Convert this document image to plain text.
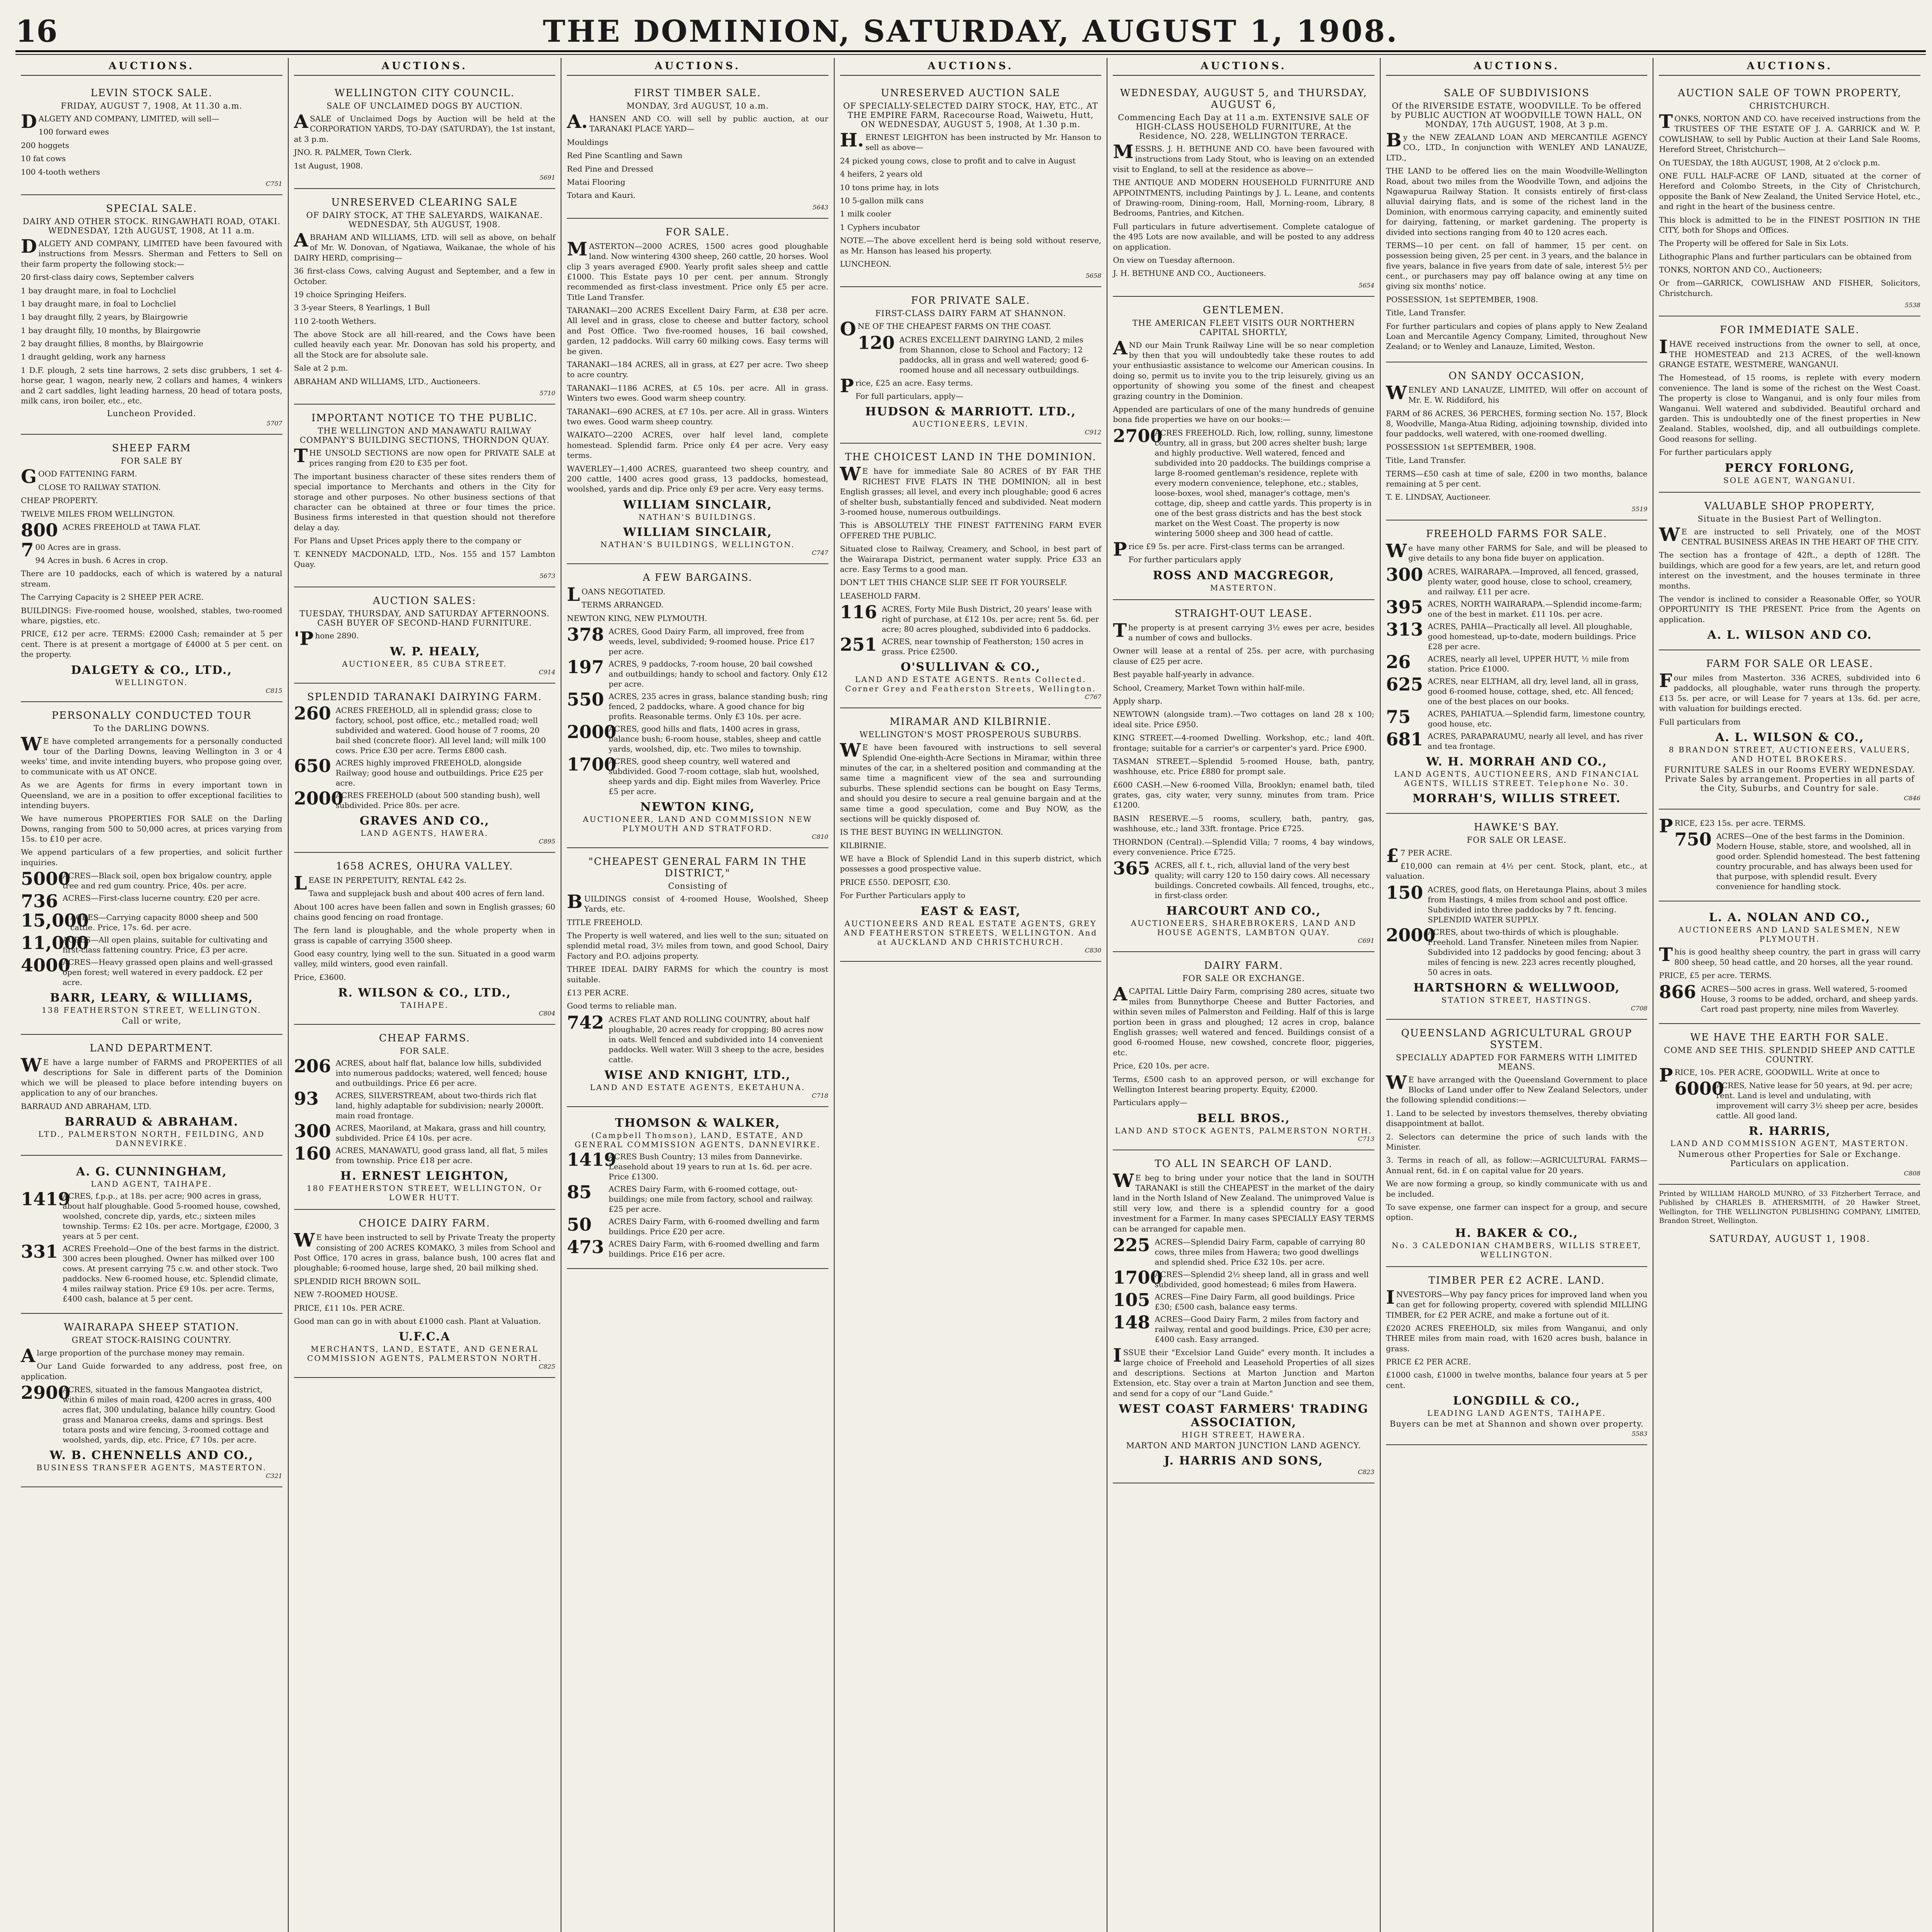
16	THE DOMINION, SATURDAY, AUGUST 1, 1908.
AUCTIONS.
LEVIN STOCK SALE.
FRIDAY, AUGUST 7, 1908, At 11.30 a.m.

DALGETY AND COMPANY, LIMITED, will sell—

100 forward ewes

200 hoggets

10 fat cows

100 4-tooth wethers

C751
SPECIAL SALE.
DAIRY AND OTHER STOCK. RINGAWHATI ROAD, OTAKI. WEDNESDAY, 12th AUGUST, 1908, At 11 a.m.

DALGETY AND COMPANY, LIMITED have been favoured with instructions from Messrs. Sherman and Fetters to Sell on their farm property the following stock:—

20 first-class dairy cows, September calvers

1 bay draught mare, in foal to Lochcliel

1 bay draught mare, in foal to Lochcliel

1 bay draught filly, 2 years, by Blairgowrie

1 bay draught filly, 10 months, by Blairgowrie

2 bay draught fillies, 8 months, by Blairgowrie

1 draught gelding, work any harness

1 D.F. plough, 2 sets tine harrows, 2 sets disc grubbers, 1 set 4-horse gear, 1 wagon, nearly new, 2 collars and hames, 4 winkers and 2 cart saddles, light leading harness, 20 head of totara posts, milk cans, iron boiler, etc., etc.

Luncheon Provided.
5707
SHEEP FARM
FOR SALE BY

GOOD FATTENING FARM.

CLOSE TO RAILWAY STATION.

CHEAP PROPERTY.

TWELVE MILES FROM WELLINGTON.

800 ACRES FREEHOLD at TAWA FLAT.

700 Acres are in grass.

94 Acres in bush. 6 Acres in crop.

There are 10 paddocks, each of which is watered by a natural stream.

The Carrying Capacity is 2 SHEEP PER ACRE.

BUILDINGS: Five-roomed house, woolshed, stables, two-roomed whare, pigsties, etc.

PRICE, £12 per acre. TERMS: £2000 Cash; remainder at 5 per cent. There is at present a mortgage of £4000 at 5 per cent. on the property.

DALGETY & CO., LTD.,
WELLINGTON.
C815
PERSONALLY CONDUCTED TOUR
To the DARLING DOWNS.

WE have completed arrangements for a personally conducted tour of the Darling Downs, leaving Wellington in 3 or 4 weeks' time, and invite intending buyers, who propose going over, to communicate with us AT ONCE.

As we are Agents for firms in every important town in Queensland, we are in a position to offer exceptional facilities to intending buyers.

We have numerous PROPERTIES FOR SALE on the Darling Downs, ranging from 500 to 50,000 acres, at prices varying from 15s. to £10 per acre.

We append particulars of a few properties, and solicit further inquiries.

5000
ACRES—Black soil, open box brigalow country, apple tree and red gum country. Price, 40s. per acre.
736 ACRES—First-class lucerne country. £20 per acre.
15,000
ACRES—Carrying capacity 8000 sheep and 500 cattle. Price, 17s. 6d. per acre.
11,000
ACRES—All open plains, suitable for cultivating and first-class fattening country. Price, £3 per acre.
4000
ACRES—Heavy grassed open plains and well-grassed open forest; well watered in every paddock. £2 per acre.
BARR, LEARY, & WILLIAMS,
138 FEATHERSTON STREET, WELLINGTON.
Call or write,
LAND DEPARTMENT.

WE have a large number of FARMS and PROPERTIES of all descriptions for Sale in different parts of the Dominion which we will be pleased to place before intending buyers on application to any of our branches.

BARRAUD AND ABRAHAM, LTD.

BARRAUD & ABRAHAM.
LTD., PALMERSTON NORTH, FEILDING, AND DANNEVIRKE.
A. G. CUNNINGHAM,
LAND AGENT, TAIHAPE.
1419
ACRES, f.p.p., at 18s. per acre; 900 acres in grass, about half ploughable. Good 5-roomed house, cowshed, woolshed, concrete dip, yards, etc.; sixteen miles township. Terms: £2 10s. per acre. Mortgage, £2000, 3 years at 5 per cent.
331 ACRES Freehold—One of the best farms in the district. 300 acres been ploughed. Owner has milked over 100 cows. At present carrying 75 c.w. and other stock. Two paddocks. New 6-roomed house, etc. Splendid climate, 4 miles railway station. Price £9 10s. per acre. Terms, £400 cash, balance at 5 per cent.
WAIRARAPA SHEEP STATION.
GREAT STOCK-RAISING COUNTRY.

Alarge proportion of the purchase money may remain.

Our Land Guide forwarded to any address, post free, on application.

2900
ACRES, situated in the famous Mangaotea district, within 6 miles of main road, 4200 acres in grass, 400 acres flat, 300 undulating, balance hilly country. Good grass and Manaroa creeks, dams and springs. Best totara posts and wire fencing, 3-roomed cottage and woolshed, yards, dip, etc. Price, £7 10s. per acre.
W. B. CHENNELLS AND CO.,
BUSINESS TRANSFER AGENTS, MASTERTON.
C321
AUCTIONS.
WELLINGTON CITY COUNCIL.
SALE OF UNCLAIMED DOGS BY AUCTION.

ASALE of Unclaimed Dogs by Auction will be held at the CORPORATION YARDS, TO-DAY (SATURDAY), the 1st instant, at 3 p.m.

JNO. R. PALMER, Town Clerk.

1st August, 1908.

5691
UNRESERVED CLEARING SALE
OF DAIRY STOCK, AT THE SALEYARDS, WAIKANAE. WEDNESDAY, 5th AUGUST, 1908.

ABRAHAM AND WILLIAMS, LTD. will sell as above, on behalf of Mr. W. Donovan, of Ngatiawa, Waikanae, the whole of his DAIRY HERD, comprising—

36 first-class Cows, calving August and September, and a few in October.

19 choice Springing Heifers.

3 3-year Steers, 8 Yearlings, 1 Bull

110 2-tooth Wethers.

The above Stock are all hill-reared, and the Cows have been culled heavily each year. Mr. Donovan has sold his property, and all the Stock are for absolute sale.

Sale at 2 p.m.

ABRAHAM AND WILLIAMS, LTD., Auctioneers.

5710
IMPORTANT NOTICE TO THE PUBLIC.
THE WELLINGTON AND MANAWATU RAILWAY COMPANY'S BUILDING SECTIONS, THORNDON QUAY.

THE UNSOLD SECTIONS are now open for PRIVATE SALE at prices ranging from £20 to £35 per foot.

The important business character of these sites renders them of special importance to Merchants and others in the City for storage and other purposes. No other business sections of that character can be obtained at three or four times the price. Business firms interested in that question should not therefore delay a day.

For Plans and Upset Prices apply there to the company or

T. KENNEDY MACDONALD, LTD., Nos. 155 and 157 Lambton Quay.

5673
AUCTION SALES:
TUESDAY, THURSDAY, AND SATURDAY AFTERNOONS. CASH BUYER OF SECOND-HAND FURNITURE.

'Phone 2890.

W. P. HEALY,
AUCTIONEER, 85 CUBA STREET.
C914
SPLENDID TARANAKI DAIRYING FARM.
260 ACRES FREEHOLD, all in splendid grass; close to factory, school, post office, etc.; metalled road; well subdivided and watered. Good house of 7 rooms, 20 bail shed (concrete floor). All level land; will milk 100 cows. Price £30 per acre. Terms £800 cash.
650 ACRES highly improved FREEHOLD, alongside Railway; good house and outbuildings. Price £25 per acre.
2000
ACRES FREEHOLD (about 500 standing bush), well subdivided. Price 80s. per acre.
GRAVES AND CO.,
LAND AGENTS, HAWERA.
C895
1658 ACRES, OHURA VALLEY.

LEASE IN PERPETUITY, RENTAL £42 2s.

Tawa and supplejack bush and about 400 acres of fern land.

About 100 acres have been fallen and sown in English grasses; 60 chains good fencing on road frontage.

The fern land is ploughable, and the whole property when in grass is capable of carrying 3500 sheep.

Good easy country, lying well to the sun. Situated in a good warm valley, mild winters, good even rainfall.

Price, £3600.

R. WILSON & CO., LTD.,
TAIHAPE.
C804
CHEAP FARMS.
FOR SALE.
206 ACRES, about half flat, balance low hills, subdivided into numerous paddocks; watered, well fenced; house and outbuildings. Price £6 per acre.
93	ACRES, SILVERSTREAM, about two-thirds rich flat land, highly adaptable for subdivision; nearly 2000ft. main road frontage.
300 ACRES, Maoriland, at Makara, grass and hill country, subdivided. Price £4 10s. per acre.
160 ACRES, MANAWATU, good grass land, all flat, 5 miles from township. Price £18 per acre.
H. ERNEST LEIGHTON,
180 FEATHERSTON STREET, WELLINGTON, Or LOWER HUTT.
CHOICE DAIRY FARM.

WE have been instructed to sell by Private Treaty the property consisting of 200 ACRES KOMAKO, 3 miles from School and Post Office, 170 acres in grass, balance bush, 100 acres flat and ploughable; 6-roomed house, large shed, 20 bail milking shed.

SPLENDID RICH BROWN SOIL.

NEW 7-ROOMED HOUSE.

PRICE, £11 10s. PER ACRE.

Good man can go in with about £1000 cash. Plant at Valuation.

U.F.C.A
MERCHANTS, LAND, ESTATE, AND GENERAL COMMISSION AGENTS, PALMERSTON NORTH.
C825
AUCTIONS.
FIRST TIMBER SALE.
MONDAY, 3rd AUGUST, 10 a.m.

A.HANSEN AND CO. will sell by public auction, at our TARANAKI PLACE YARD—

Mouldings

Red Pine Scantling and Sawn

Red Pine and Dressed

Matai Flooring

Totara and Kauri.

5643
FOR SALE.

MASTERTON—2000 ACRES, 1500 acres good ploughable land. Now wintering 4300 sheep, 260 cattle, 20 horses. Wool clip 3 years averaged £900. Yearly profit sales sheep and cattle £1000. This Estate pays 10 per cent. per annum. Strongly recommended as first-class investment. Price only £5 per acre. Title Land Transfer.

TARANAKI—200 ACRES Excellent Dairy Farm, at £38 per acre. All level and in grass, close to cheese and butter factory, school and Post Office. Two five-roomed houses, 16 bail cowshed, garden, 12 paddocks. Will carry 60 milking cows. Easy terms will be given.

TARANAKI—184 ACRES, all in grass, at £27 per acre. Two sheep to acre country.

TARANAKI—1186 ACRES, at £5 10s. per acre. All in grass. Winters two ewes. Good warm sheep country.

TARANAKI—690 ACRES, at £7 10s. per acre. All in grass. Winters two ewes. Good warm sheep country.

WAIKATO—2200 ACRES, over half level land, complete homestead. Splendid farm. Price only £4 per acre. Very easy terms.

WAVERLEY—1,400 ACRES, guaranteed two sheep country, and 200 cattle, 1400 acres good grass, 13 paddocks, homestead, woolshed, yards and dip. Price only £9 per acre. Very easy terms.

WILLIAM SINCLAIR,
NATHAN'S BUILDINGS.
WILLIAM SINCLAIR,
NATHAN'S BUILDINGS, WELLINGTON.
C747
A FEW BARGAINS.

LOANS NEGOTIATED.

TERMS ARRANGED.

NEWTON KING, NEW PLYMOUTH.

378 ACRES, Good Dairy Farm, all improved, free from weeds, level, subdivided; 9-roomed house. Price £17 per acre.
197 ACRES, 9 paddocks, 7-room house, 20 bail cowshed and outbuildings; handy to school and factory. Only £12 per acre.
550 ACRES, 235 acres in grass, balance standing bush; ring fenced, 2 paddocks, whare. A good chance for big profits. Reasonable terms. Only £3 10s. per acre.
2000
ACRES, good hills and flats, 1400 acres in grass, balance bush; 6-room house, stables, sheep and cattle yards, woolshed, dip, etc. Two miles to township.
1700
ACRES, good sheep country, well watered and subdivided. Good 7-room cottage, slab hut, woolshed, sheep yards and dip. Eight miles from Waverley. Price £5 per acre.
NEWTON KING,
AUCTIONEER, LAND AND COMMISSION NEW PLYMOUTH AND STRATFORD.
C810
"CHEAPEST GENERAL FARM IN THE DISTRICT,"
Consisting of

BUILDINGS consist of 4-roomed House, Woolshed, Sheep Yards, etc.

TITLE FREEHOLD.

The Property is well watered, and lies well to the sun; situated on splendid metal road, 3½ miles from town, and good School, Dairy Factory and P.O. adjoins property.

THREE IDEAL DAIRY FARMS for which the country is most suitable.

£13 PER ACRE.

Good terms to reliable man.

742 ACRES FLAT AND ROLLING COUNTRY, about half ploughable, 20 acres ready for cropping; 80 acres now in oats. Well fenced and subdivided into 14 convenient paddocks. Well water. Will 3 sheep to the acre, besides cattle.
WISE AND KNIGHT, LTD.,
LAND AND ESTATE AGENTS, EKETAHUNA.
C718
THOMSON & WALKER,
(Campbell Thomson), LAND, ESTATE, AND GENERAL COMMISSION AGENTS, DANNEVIRKE.
1419
ACRES Bush Country; 13 miles from Dannevirke. Leasehold about 19 years to run at 1s. 6d. per acre. Price £1300.
85	ACRES Dairy Farm, with 6-roomed cottage, out-buildings; one mile from factory, school and railway. £25 per acre.
50	ACRES Dairy Farm, with 6-roomed dwelling and farm buildings. Price £20 per acre.
473 ACRES Dairy Farm, with 6-roomed dwelling and farm buildings. Price £16 per acre.
AUCTIONS.
UNRESERVED AUCTION SALE
OF SPECIALLY-SELECTED DAIRY STOCK, HAY, ETC., AT THE EMPIRE FARM, Racecourse Road, Waiwetu, Hutt, ON WEDNESDAY, AUGUST 5, 1908, At 1.30 p.m.

H.ERNEST LEIGHTON has been instructed by Mr. Hanson to sell as above—

24 picked young cows, close to profit and to calve in August

4 heifers, 2 years old

10 tons prime hay, in lots

10 5-gallon milk cans

1 milk cooler

1 Cyphers incubator

NOTE.—The above excellent herd is being sold without reserve, as Mr. Hanson has leased his property.

LUNCHEON.

5658
FOR PRIVATE SALE.
FIRST-CLASS DAIRY FARM AT SHANNON.

ONE OF THE CHEAPEST FARMS ON THE COAST.

120 ACRES EXCELLENT DAIRYING LAND, 2 miles from Shannon, close to School and Factory; 12 paddocks, all in grass and well watered; good 6-roomed house and all necessary outbuildings.

Price, £25 an acre. Easy terms.

For full particulars, apply—

HUDSON & MARRIOTT. LTD.,
AUCTIONEERS, LEVIN.
C912
THE CHOICEST LAND IN THE DOMINION.

WE have for immediate Sale 80 ACRES of BY FAR THE RICHEST FIVE FLATS IN THE DOMINION; all in best English grasses; all level, and every inch ploughable; good 6 acres of shelter bush, substantially fenced and subdivided. Neat modern 3-roomed house, numerous outbuildings.

This is ABSOLUTELY THE FINEST FATTENING FARM EVER OFFERED THE PUBLIC.

Situated close to Railway, Creamery, and School, in best part of the Wairarapa District, permanent water supply. Price £33 an acre. Easy Terms to a good man.

DON'T LET THIS CHANCE SLIP. SEE IT FOR YOURSELF.

LEASEHOLD FARM.

116 ACRES, Forty Mile Bush District, 20 years' lease with right of purchase, at £12 10s. per acre; rent 5s. 6d. per acre; 80 acres ploughed, subdivided into 6 paddocks.
251 ACRES, near township of Featherston; 150 acres in grass. Price £2500.
O'SULLIVAN & CO.,
LAND AND ESTATE AGENTS. Rents Collected. Corner Grey and Featherston Streets, Wellington.
C767
MIRAMAR AND KILBIRNIE.
WELLINGTON'S MOST PROSPEROUS SUBURBS.

WE have been favoured with instructions to sell several Splendid One-eighth-Acre Sections in Miramar, within three minutes of the car, in a sheltered position and commanding at the same time a magnificent view of the sea and surrounding suburbs. These splendid sections can be bought on Easy Terms, and should you desire to secure a real genuine bargain and at the same time a good speculation, come and Buy NOW, as the sections will be quickly disposed of.

IS THE BEST BUYING IN WELLINGTON.

KILBIRNIE.

WE have a Block of Splendid Land in this superb district, which possesses a good prospective value.

PRICE £550. DEPOSIT, £30.

For Further Particulars apply to

EAST & EAST,
AUCTIONEERS AND REAL ESTATE AGENTS, GREY AND FEATHERSTON STREETS, WELLINGTON. And at AUCKLAND AND CHRISTCHURCH.
C830
AUCTIONS.
WEDNESDAY, AUGUST 5, and THURSDAY, AUGUST 6,
Commencing Each Day at 11 a.m. EXTENSIVE SALE OF HIGH-CLASS HOUSEHOLD FURNITURE, At the Residence, NO. 228, WELLINGTON TERRACE.

MESSRS. J. H. BETHUNE AND CO. have been favoured with instructions from Lady Stout, who is leaving on an extended visit to England, to sell at the residence as above—

THE ANTIQUE AND MODERN HOUSEHOLD FURNITURE AND APPOINTMENTS, including Paintings by J. L. Leane, and contents of Drawing-room, Dining-room, Hall, Morning-room, Library, 8 Bedrooms, Pantries, and Kitchen.

Full particulars in future advertisement. Complete catalogue of the 495 Lots are now available, and will be posted to any address on application.

On view on Tuesday afternoon.

J. H. BETHUNE AND CO., Auctioneers.

5654
GENTLEMEN.
THE AMERICAN FLEET VISITS OUR NORTHERN CAPITAL SHORTLY,

AND our Main Trunk Railway Line will be so near completion by then that you will undoubtedly take these routes to add your enthusiastic assistance to welcome our American cousins. In doing so, permit us to invite you to the trip leisurely, giving us an opportunity of showing you some of the finest and cheapest grazing country in the Dominion.

Appended are particulars of one of the many hundreds of genuine bona fide properties we have on our books:—

2700
ACRES FREEHOLD. Rich, low, rolling, sunny, limestone country, all in grass, but 200 acres shelter bush; large and highly productive. Well watered, fenced and subdivided into 20 paddocks. The buildings comprise a large 8-roomed gentleman's residence, replete with every modern convenience, telephone, etc.; stables, loose-boxes, wool shed, manager's cottage, men's cottage, dip, sheep and cattle yards. This property is in one of the best grass districts and has the best stock market on the West Coast. The property is now wintering 5000 sheep and 300 head of cattle.

Price £9 5s. per acre. First-class terms can be arranged.

For further particulars apply

ROSS AND MACGREGOR,
MASTERTON.
STRAIGHT-OUT LEASE.

The property is at present carrying 3½ ewes per acre, besides a number of cows and bullocks.

Owner will lease at a rental of 25s. per acre, with purchasing clause of £25 per acre.

Best payable half-yearly in advance.

School, Creamery, Market Town within half-mile.

Apply sharp.

NEWTOWN (alongside tram).—Two cottages on land 28 x 100; ideal site. Price £950.

KING STREET.—4-roomed Dwelling. Workshop, etc.; land 40ft. frontage; suitable for a carrier's or carpenter's yard. Price £900.

TASMAN STREET.—Splendid 5-roomed House, bath, pantry, washhouse, etc. Price £880 for prompt sale.

£600 CASH.—New 6-roomed Villa, Brooklyn; enamel bath, tiled grates, gas, city water, very sunny, minutes from tram. Price £1200.

BASIN RESERVE.—5 rooms, scullery, bath, pantry, gas, washhouse, etc.; land 33ft. frontage. Price £725.

THORNDON (Central).—Splendid Villa; 7 rooms, 4 bay windows, every convenience. Price £725.

365 ACRES, all f. t., rich, alluvial land of the very best quality; will carry 120 to 150 dairy cows. All necessary buildings. Concreted cowbails. All fenced, troughs, etc., in first-class order.
HARCOURT AND CO.,
AUCTIONEERS, SHAREBROKERS, LAND AND HOUSE AGENTS, LAMBTON QUAY.
C691
DAIRY FARM.
FOR SALE OR EXCHANGE.

ACAPITAL Little Dairy Farm, comprising 280 acres, situate two miles from Bunnythorpe Cheese and Butter Factories, and within seven miles of Palmerston and Feilding. Half of this is large portion been in grass and ploughed; 12 acres in crop, balance English grasses; well watered and fenced. Buildings consist of a good 6-roomed House, new cowshed, concrete floor, piggeries, etc.

Price, £20 10s. per acre.

Terms, £500 cash to an approved person, or will exchange for Wellington Interest bearing property. Equity, £2000.

Particulars apply—

BELL BROS.,
LAND AND STOCK AGENTS, PALMERSTON NORTH.
C713
TO ALL IN SEARCH OF LAND.

WE beg to bring under your notice that the land in SOUTH TARANAKI is still the CHEAPEST in the market of the dairy land in the North Island of New Zealand. The unimproved Value is still very low, and there is a splendid country for a good investment for a Farmer. In many cases SPECIALLY EASY TERMS can be arranged for capable men.

225 ACRES—Splendid Dairy Farm, capable of carrying 80 cows, three miles from Hawera; two good dwellings and splendid shed. Price £32 10s. per acre.
1700
ACRES—Splendid 2½ sheep land, all in grass and well subdivided, good homestead; 6 miles from Hawera.
105 ACRES—Fine Dairy Farm, all good buildings. Price £30; £500 cash, balance easy terms.
148 ACRES—Good Dairy Farm, 2 miles from factory and railway, rental and good buildings. Price, £30 per acre; £400 cash. Easy arranged.

ISSUE their "Excelsior Land Guide" every month. It includes a large choice of Freehold and Leasehold Properties of all sizes and descriptions. Sections at Marton Junction and Marton Extension, etc. Stay over a train at Marton Junction and see them, and send for a copy of our "Land Guide."

WEST COAST FARMERS' TRADING ASSOCIATION,
HIGH STREET, HAWERA.
MARTON AND MARTON JUNCTION LAND AGENCY.
J. HARRIS AND SONS,
C823
AUCTIONS.
SALE OF SUBDIVISIONS
Of the RIVERSIDE ESTATE, WOODVILLE. To be offered by PUBLIC AUCTION AT WOODVILLE TOWN HALL, ON MONDAY, 17th AUGUST, 1908, At 3 p.m.

By the NEW ZEALAND LOAN AND MERCANTILE AGENCY CO., LTD., In conjunction with WENLEY AND LANAUZE, LTD.,

THE LAND to be offered lies on the main Woodville-Wellington Road, about two miles from the Woodville Town, and adjoins the Ngawapurua Railway Station. It consists entirely of first-class alluvial dairying flats, and is some of the richest land in the Dominion, with enormous carrying capacity, and eminently suited for dairying, fattening, or market gardening. The property is divided into sections ranging from 40 to 120 acres each.

TERMS—10 per cent. on fall of hammer, 15 per cent. on possession being given, 25 per cent. in 3 years, and the balance in five years, balance in five years from date of sale, interest 5½ per cent., or purchasers may pay off balance owing at any time on giving six months' notice.

POSSESSION, 1st SEPTEMBER, 1908.

Title, Land Transfer.

For further particulars and copies of plans apply to New Zealand Loan and Mercantile Agency Company, Limited, throughout New Zealand; or to Wenley and Lanauze, Limited, Weston.

ON SANDY OCCASION,

WENLEY AND LANAUZE, LIMITED, Will offer on account of Mr. E. W. Riddiford, his

FARM of 86 ACRES, 36 PERCHES, forming section No. 157, Block 8, Woodville, Manga-Atua Riding, adjoining township, divided into four paddocks, well watered, with one-roomed dwelling.

POSSESSION 1st SEPTEMBER, 1908.

Title, Land Transfer.

TERMS—£50 cash at time of sale, £200 in two months, balance remaining at 5 per cent.

T. E. LINDSAY, Auctioneer.

5519
FREEHOLD FARMS FOR SALE.

We have many other FARMS for Sale, and will be pleased to give details to any bona fide buyer on application.

300 ACRES, WAIRARAPA.—Improved, all fenced, grassed, plenty water, good house, close to school, creamery, and railway. £11 per acre.
395 ACRES, NORTH WAIRARAPA.—Splendid income-farm; one of the best in market. £11 10s. per acre.
313 ACRES, PAHIA—Practically all level. All ploughable, good homestead, up-to-date, modern buildings. Price £28 per acre.
26	ACRES, nearly all level, UPPER HUTT, ½ mile from station. Price £1000.
625 ACRES, near ELTHAM, all dry, level land, all in grass, good 6-roomed house, cottage, shed, etc. All fenced; one of the best places on our books.
75	ACRES, PAHIATUA.—Splendid farm, limestone country, good house, etc.
681 ACRES, PARAPARAUMU, nearly all level, and has river and tea frontage.
W. H. MORRAH AND CO.,
LAND AGENTS, AUCTIONEERS, AND FINANCIAL AGENTS, WILLIS STREET. Telephone No. 30.
MORRAH'S, WILLIS STREET.
HAWKE'S BAY.
FOR SALE OR LEASE.

£7 PER ACRE.

£10,000 can remain at 4½ per cent. Stock, plant, etc., at valuation.

150 ACRES, good flats, on Heretaunga Plains, about 3 miles from Hastings, 4 miles from school and post office. Subdivided into three paddocks by 7 ft. fencing. SPLENDID WATER SUPPLY.
2000
ACRES, about two-thirds of which is ploughable. Freehold. Land Transfer. Nineteen miles from Napier. Subdivided into 12 paddocks by good fencing; about 3 miles of fencing is new. 223 acres recently ploughed, 50 acres in oats.
HARTSHORN & WELLWOOD,
STATION STREET, HASTINGS.
C708
QUEENSLAND AGRICULTURAL GROUP SYSTEM.
SPECIALLY ADAPTED FOR FARMERS WITH LIMITED MEANS.

WE have arranged with the Queensland Government to place Blocks of Land under offer to New Zealand Selectors, under the following splendid conditions:—

1. Land to be selected by investors themselves, thereby obviating disappointment at ballot.

2. Selectors can determine the price of such lands with the Minister.

3. Terms in reach of all, as follow:—AGRICULTURAL FARMS—Annual rent, 6d. in £ on capital value for 20 years.

We are now forming a group, so kindly communicate with us and be included.

To save expense, one farmer can inspect for a group, and secure option.

H. BAKER & CO.,
No. 3 CALEDONIAN CHAMBERS, WILLIS STREET, WELLINGTON.
TIMBER PER £2 ACRE. LAND.

INVESTORS—Why pay fancy prices for improved land when you can get for following property, covered with splendid MILLING TIMBER, for £2 PER ACRE, and make a fortune out of it.

£2020 ACRES FREEHOLD, six miles from Wanganui, and only THREE miles from main road, with 1620 acres bush, balance in grass.

PRICE £2 PER ACRE.

£1000 cash, £1000 in twelve months, balance four years at 5 per cent.

LONGDILL & CO.,
LEADING LAND AGENTS, TAIHAPE.
Buyers can be met at Shannon and shown over property.
5583
AUCTIONS.
AUCTION SALE OF TOWN PROPERTY,
CHRISTCHURCH.

TONKS, NORTON AND CO. have received instructions from the TRUSTEES OF THE ESTATE OF J. A. GARRICK and W. P. COWLISHAW, to sell by Public Auction at their Land Sale Rooms, Hereford Street, Christchurch—

On TUESDAY, the 18th AUGUST, 1908, At 2 o'clock p.m.

ONE FULL HALF-ACRE OF LAND, situated at the corner of Hereford and Colombo Streets, in the City of Christchurch, opposite the Bank of New Zealand, the United Service Hotel, etc., and right in the heart of the business centre.

This block is admitted to be in the FINEST POSITION IN THE CITY, both for Shops and Offices.

The Property will be offered for Sale in Six Lots.

Lithographic Plans and further particulars can be obtained from

TONKS, NORTON AND CO., Auctioneers;

Or from—GARRICK, COWLISHAW AND FISHER, Solicitors, Christchurch.

5538
FOR IMMEDIATE SALE.

IHAVE received instructions from the owner to sell, at once, THE HOMESTEAD and 213 ACRES, of the well-known GRANGE ESTATE, WESTMERE, WANGANUI.

The Homestead, of 15 rooms, is replete with every modern convenience. The land is some of the richest on the West Coast. The property is close to Wanganui, and is only four miles from Wanganui. Well watered and subdivided. Beautiful orchard and garden. This is undoubtedly one of the finest properties in New Zealand. Stables, woolshed, dip, and all outbuildings complete. Good reasons for selling.

For further particulars apply

PERCY FORLONG,
SOLE AGENT, WANGANUI.
VALUABLE SHOP PROPERTY,
Situate in the Busiest Part of Wellington.

WE are instructed to sell Privately, one of the MOST CENTRAL BUSINESS AREAS IN THE HEART OF THE CITY.

The section has a frontage of 42ft., a depth of 128ft. The buildings, which are good for a few years, are let, and return good interest on the investment, and the houses terminate in three months.

The vendor is inclined to consider a Reasonable Offer, so YOUR OPPORTUNITY IS THE PRESENT. Price from the Agents on application.

A. L. WILSON AND CO.
FARM FOR SALE OR LEASE.

Four miles from Masterton. 336 ACRES, subdivided into 6 paddocks, all ploughable, water runs through the property. £13 5s. per acre, or will Lease for 7 years at 13s. 6d. per acre, with valuation for buildings erected.

Full particulars from

A. L. WILSON & CO.,
8 BRANDON STREET, AUCTIONEERS, VALUERS, AND HOTEL BROKERS.
FURNITURE SALES in our Rooms EVERY WEDNESDAY. Private Sales by arrangement. Properties in all parts of the City, Suburbs, and Country for sale.
C846

PRICE, £23 15s. per acre. TERMS.

750 ACRES—One of the best farms in the Dominion. Modern House, stable, store, and woolshed, all in good order. Splendid homestead. The best fattening country procurable, and has always been used for that purpose, with splendid result. Every convenience for handling stock.
L. A. NOLAN AND CO.,
AUCTIONEERS AND LAND SALESMEN, NEW PLYMOUTH.

This is good healthy sheep country, the part in grass will carry 800 sheep, 50 head cattle, and 20 horses, all the year round.

PRICE, £5 per acre. TERMS.

866 ACRES—500 acres in grass. Well watered, 5-roomed House, 3 rooms to be added, orchard, and sheep yards. Cart road past property, nine miles from Waverley.
WE HAVE THE EARTH FOR SALE.
COME AND SEE THIS. SPLENDID SHEEP AND CATTLE COUNTRY.

PRICE, 10s. PER ACRE, GOODWILL. Write at once to

6000
ACRES, Native lease for 50 years, at 9d. per acre; rent. Land is level and undulating, with improvement will carry 3½ sheep per acre, besides cattle. All good land.
R. HARRIS,
LAND AND COMMISSION AGENT, MASTERTON.
Numerous other Properties for Sale or Exchange. Particulars on application.
C808
Printed by WILLIAM HAROLD MUNRO, of 33 Fitzherbert Terrace, and Published by CHARLES B. ATHERSMITH, of 20 Hawker Street, Wellington, for THE WELLINGTON PUBLISHING COMPANY, LIMITED, Brandon Street, Wellington.
SATURDAY, AUGUST 1, 1908.
